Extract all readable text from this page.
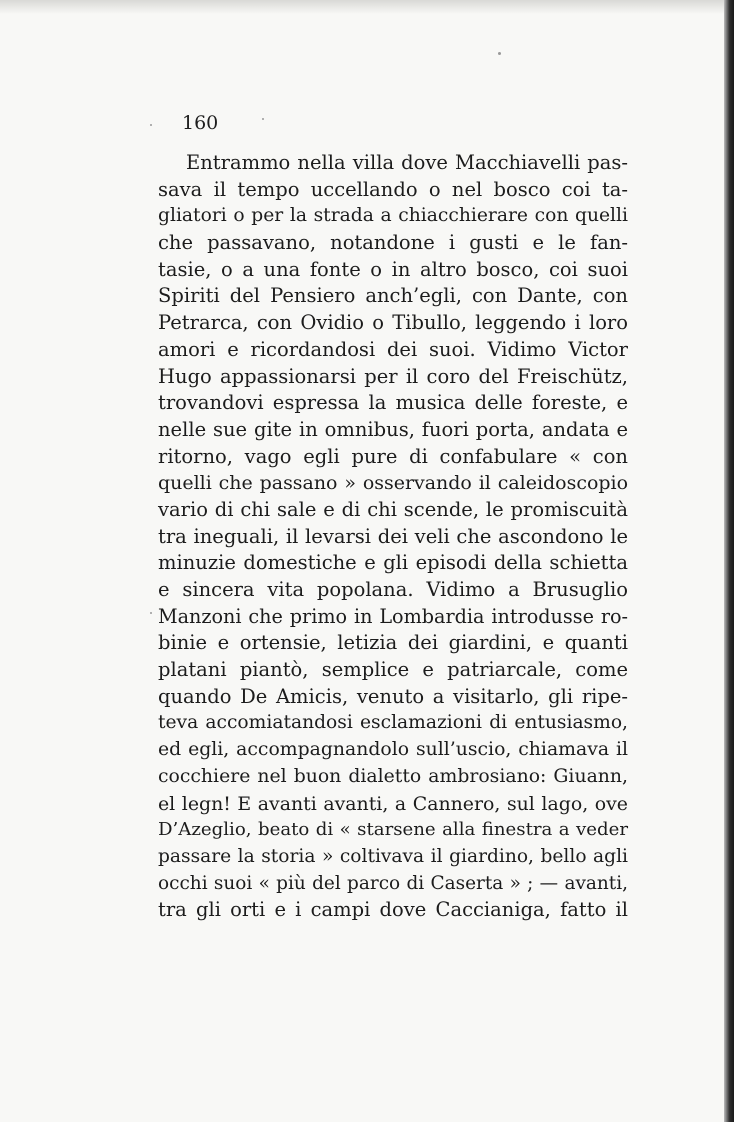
160
Entrammo nella villa dove Macchiavelli pas-
sava il tempo uccellando o nel bosco coi ta-
gliatori o per la strada a chiacchierare con quelli
che passavano, notandone i gusti e le fan-
tasie, o a una fonte o in altro bosco, coi suoi
Spiriti del Pensiero anch’egli, con Dante, con
Petrarca, con Ovidio o Tibullo, leggendo i loro
amori e ricordandosi dei suoi. Vidimo Victor
Hugo appassionarsi per il coro del Freischütz,
trovandovi espressa la musica delle foreste, e
nelle sue gite in omnibus, fuori porta, andata e
ritorno, vago egli pure di confabulare « con
quelli che passano » osservando il caleidoscopio
vario di chi sale e di chi scende, le promiscuità
tra ineguali, il levarsi dei veli che ascondono le
minuzie domestiche e gli episodi della schietta
e sincera vita popolana. Vidimo a Brusuglio
Manzoni che primo in Lombardia introdusse ro-
binie e ortensie, letizia dei giardini, e quanti
platani piantò, semplice e patriarcale, come
quando De Amicis, venuto a visitarlo, gli ripe-
teva accomiatandosi esclamazioni di entusiasmo,
ed egli, accompagnandolo sull’uscio, chiamava il
cocchiere nel buon dialetto ambrosiano: Giuann,
el legn! E avanti avanti, a Cannero, sul lago, ove
D’Azeglio, beato di « starsene alla finestra a veder
passare la storia » coltivava il giardino, bello agli
occhi suoi « più del parco di Caserta » ; — avanti,
tra gli orti e i campi dove Caccianiga, fatto il
